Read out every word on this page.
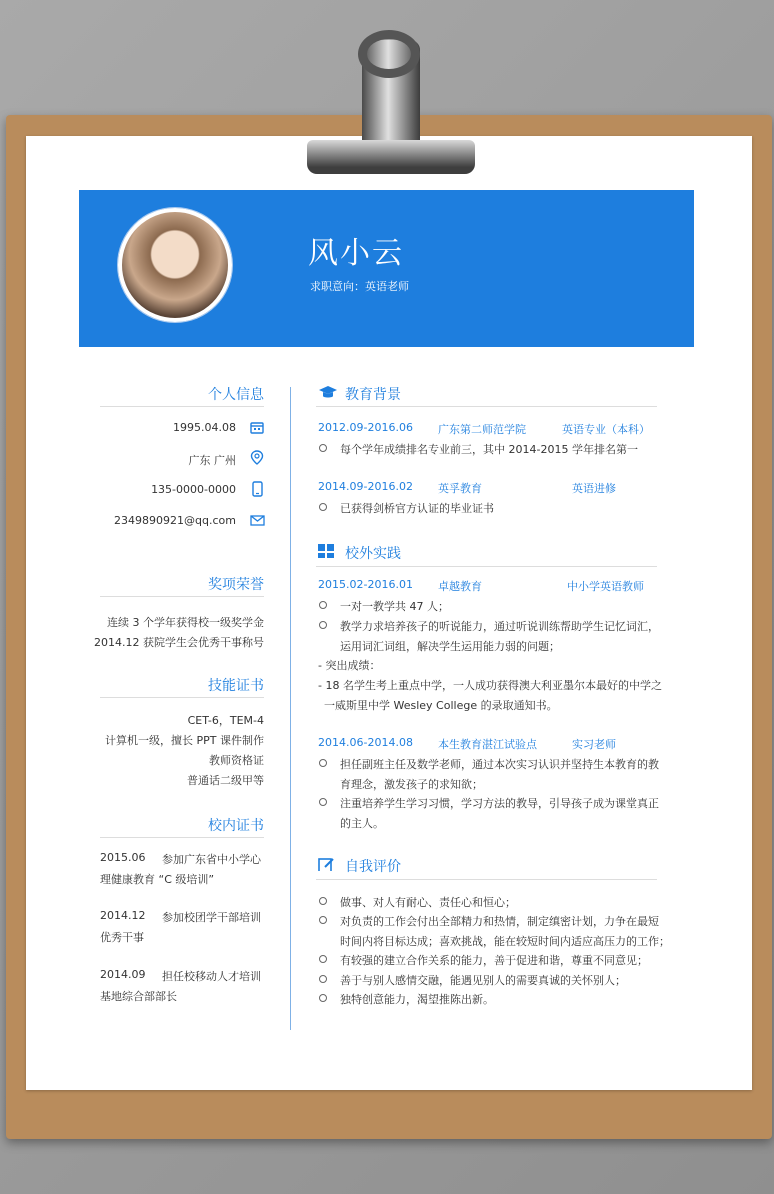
风小云
求职意向：英语老师
个人信息
1995.04.08
广东 广州
135-0000-0000
2349890921@qq.com
奖项荣誉
连续 3 个学年获得校一级奖学金
2014.12 获院学生会优秀干事称号
技能证书
CET-6，TEM-4
计算机一级，擅长 PPT 课件制作
教师资格证
普通话二级甲等
校内证书
2015.06 参加广东省中小学心
理健康教育 “C 级培训”
2014.12 参加校团学干部培训
优秀干事
2014.09 担任校移动人才培训
基地综合部部长
教育背景
2012.09-2016.06 广东第二师范学院	英语专业（本科）
每个学年成绩排名专业前三，其中 2014-2015 学年排名第一
2014.09-2016.02 英孚教育	英语进修
已获得剑桥官方认证的毕业证书
校外实践
2015.02-2016.01 卓越教育	中小学英语教师
一对一教学共 47 人；
教学力求培养孩子的听说能力，通过听说训练帮助学生记忆词汇，
运用词汇词组，解决学生运用能力弱的问题；
- 突出成绩：
- 18 名学生考上重点中学，一人成功获得澳大利亚墨尔本最好的中学之
一威斯里中学 Wesley College 的录取通知书。
2014.06-2014.08 本生教育湛江试验点	实习老师
担任副班主任及数学老师，通过本次实习认识并坚持生本教育的教
育理念，激发孩子的求知欲；
注重培养学生学习习惯，学习方法的教导，引导孩子成为课堂真正
的主人。
自我评价
做事、对人有耐心、责任心和恒心；
对负责的工作会付出全部精力和热情，制定缜密计划，力争在最短
时间内将目标达成；喜欢挑战，能在较短时间内适应高压力的工作；
有较强的建立合作关系的能力，善于促进和谐，尊重不同意见；
善于与别人感情交融，能遇见别人的需要真诚的关怀别人；
独特创意能力，渴望推陈出新。
